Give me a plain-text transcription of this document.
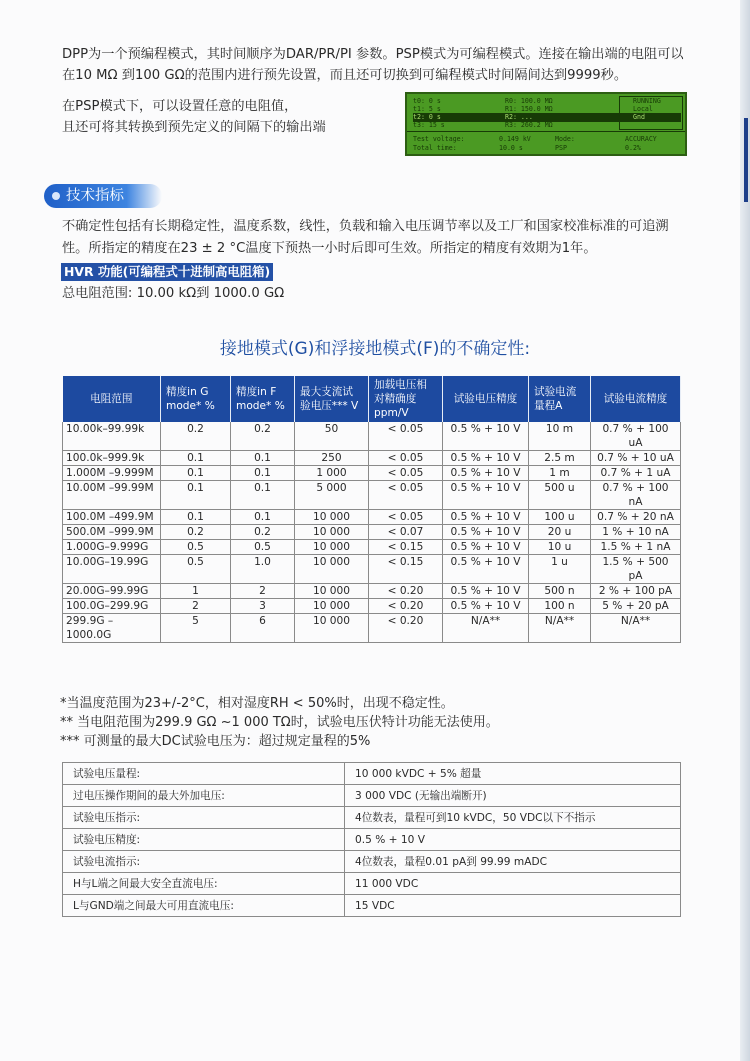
DPP为一个预编程模式，其时间顺序为DAR/PR/PI 参数。PSP模式为可编程模式。连接在输出端的电阻可以在10 MΩ 到100 GΩ的范围内进行预先设置，而且还可切换到可编程模式时间隔间达到9999秒。
在PSP模式下，可以设置任意的电阻值，
且还可将其转换到预先定义的间隔下的输出端
t0: 0 s	R0: 100.0 MΩ	RUNNING
t1: 5 s	R1: 150.0 MΩ	Local
t2: 0 s	R2: ...	Gnd
t3: 15 s	R3: 260.2 MΩ
Test voltage:	0.149 kV	Mode:	ACCURACY
Total time:	10.0 s	PSP	0.2%
技术指标
不确定性包括有长期稳定性，温度系数，线性，负载和输入电压调节率以及工厂和国家校准标准的可追溯性。所指定的精度在23 ± 2 °C温度下预热一小时后即可生效。所指定的精度有效期为1年。
HVR 功能(可编程式十进制高电阻箱)
总电阻范围: 10.00 kΩ到 1000.0 GΩ
接地模式(G)和浮接地模式(F)的不确定性:
电阻范围	精度in G mode* %	精度in F mode* %	最大支流试验电压*** V	加载电压相对精确度 ppm/V	试验电压精度	试验电流量程A	试验电流精度
10.00k–99.99k	0.2	0.2	50	< 0.05	0.5 % + 10 V	10 m	0.7 % + 100 uA
100.0k–999.9k	0.1	0.1	250	< 0.05	0.5 % + 10 V	2.5 m	0.7 % + 10 uA
1.000M –9.999M	0.1	0.1	1 000	< 0.05	0.5 % + 10 V	1 m	0.7 % + 1 uA
10.00M –99.99M	0.1	0.1	5 000	< 0.05	0.5 % + 10 V	500 u	0.7 % + 100 nA
100.0M –499.9M	0.1	0.1	10 000	< 0.05	0.5 % + 10 V	100 u	0.7 % + 20 nA
500.0M –999.9M	0.2	0.2	10 000	< 0.07	0.5 % + 10 V	20 u	1 % + 10 nA
1.000G–9.999G	0.5	0.5	10 000	< 0.15	0.5 % + 10 V	10 u	1.5 % + 1 nA
10.00G–19.99G	0.5	1.0	10 000	< 0.15	0.5 % + 10 V	1 u	1.5 % + 500 pA
20.00G–99.99G	1	2	10 000	< 0.20	0.5 % + 10 V	500 n	2 % + 100 pA
100.0G–299.9G	2	3	10 000	< 0.20	0.5 % + 10 V	100 n	5 % + 20 pA
299.9G –1000.0G	5	6	10 000	< 0.20	N/A**	N/A**	N/A**
*当温度范围为23+/-2°C，相对湿度RH < 50%时，出现不稳定性。
** 当电阻范围为299.9 GΩ ~1 000 TΩ时，试验电压伏特计功能无法使用。
*** 可测量的最大DC试验电压为：超过规定量程的5%
试验电压量程:	10 000 kVDC + 5% 超量
过电压操作期间的最大外加电压:	3 000 VDC (无输出端断开)
试验电压指示:	4位数表，量程可到10 kVDC，50 VDC以下不指示
试验电压精度:	0.5 % + 10 V
试验电流指示:	4位数表，量程0.01 pA到 99.99 mADC
H与L端之间最大安全直流电压:	11 000 VDC
L与GND端之间最大可用直流电压:	15 VDC
